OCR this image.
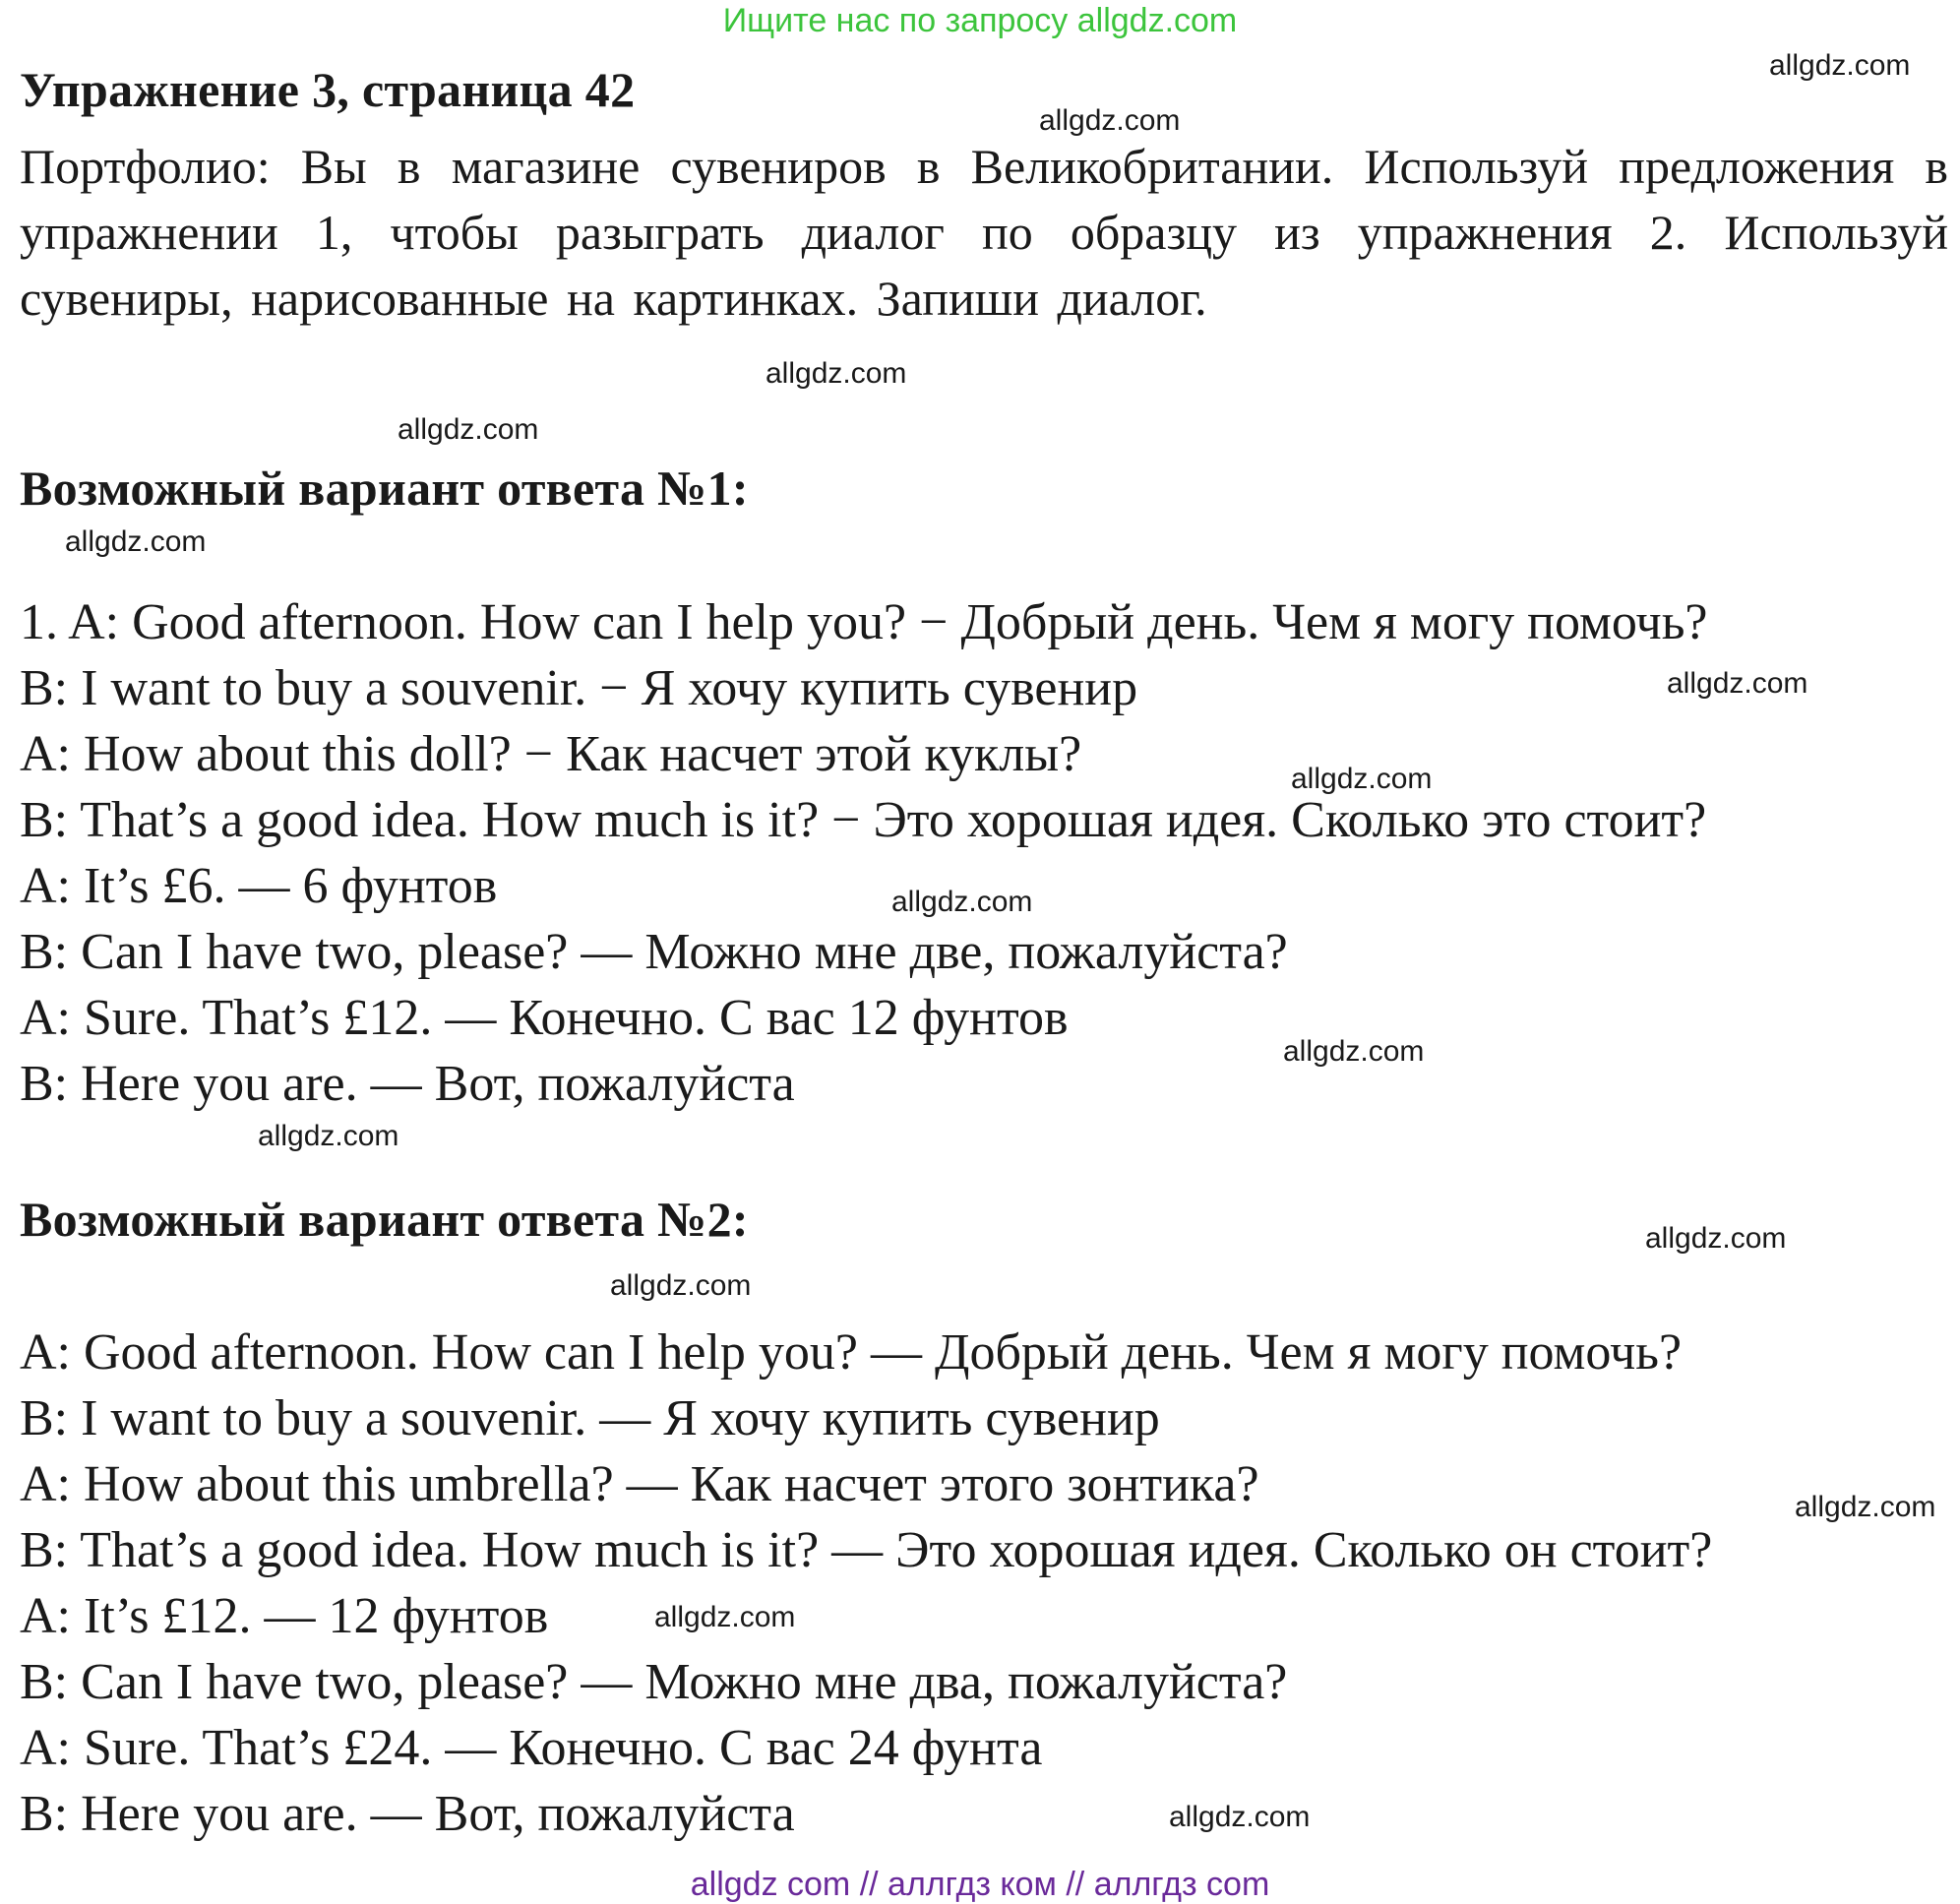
Ищите нас по запросу allgdz.com
Упражнение 3, страница 42
Портфолио: Вы в магазине сувениров в Великобритании. Используй предложения в упражнении 1, чтобы разыграть диалог по образцу из упражнения 2. Используй сувениры, нарисованные на картинках. Запиши диалог.
Возможный вариант ответа №1:
1. A: Good afternoon. How can I help you? − Добрый день. Чем я могу помочь?
B: I want to buy a souvenir. − Я хочу купить сувенир
A: How about this doll? − Как насчет этой куклы?
B: That’s a good idea. How much is it? − Это хорошая идея. Сколько это стоит?
A: It’s £6. — 6 фунтов
B: Can I have two, please? — Можно мне две, пожалуйста?
A: Sure. That’s £12. — Конечно. С вас 12 фунтов
B: Here you are. — Вот, пожалуйста
Возможный вариант ответа №2:
A: Good afternoon. How can I help you? — Добрый день. Чем я могу помочь?
B: I want to buy a souvenir. — Я хочу купить сувенир
A: How about this umbrella? — Как насчет этого зонтика?
B: That’s a good idea. How much is it? — Это хорошая идея. Сколько он стоит?
A: It’s £12. — 12 фунтов
B: Can I have two, please? — Можно мне два, пожалуйста?
A: Sure. That’s £24. — Конечно. С вас 24 фунта
B: Here you are. — Вот, пожалуйста
allgdz.com
allgdz.com
allgdz.com
allgdz.com
allgdz.com
allgdz.com
allgdz.com
allgdz.com
allgdz.com
allgdz.com
allgdz.com
allgdz.com
allgdz.com
allgdz.com
allgdz.com
allgdz com // аллгдз ком // аллгдз com
